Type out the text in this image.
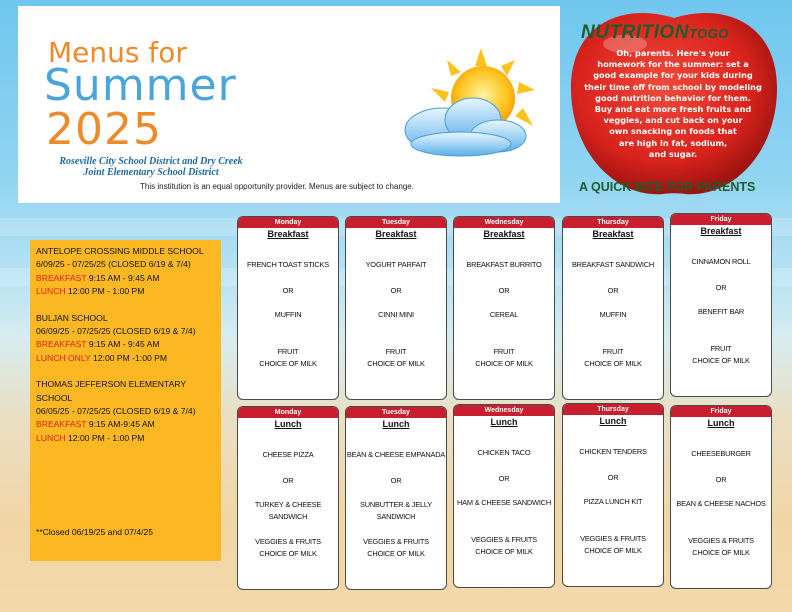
Menus for
Summer
2025
Roseville City School District and Dry Creek
Joint Elementary School District
This institution is an equal opportunity provider. Menus are subject to change.
NUTRITIONTOGO
Oh, parents. Here's your
homework for the summer: set a
good example for your kids during
their time off from school by modeling
good nutrition behavior for them.
Buy and eat more fresh fruits and
veggies, and cut back on your
own snacking on foods that
are high in fat, sodium,
and sugar.
A QUICK BITE FOR PARENTS
ANTELOPE CROSSING MIDDLE SCHOOL
6/09/25 - 07/25/25 (CLOSED 6/19 & 7/4)
BREAKFAST 9:15 AM - 9:45 AM
LUNCH 12:00 PM - 1:00 PM
BULJAN SCHOOL
06/09/25 - 07/25/25 (CLOSED 6/19 & 7/4)
BREAKFAST 9:15 AM - 9:45 AM
LUNCH ONLY 12:00 PM -1:00 PM
THOMAS JEFFERSON ELEMENTARY SCHOOL
06/05/25 - 07/25/25 (CLOSED 6/19 & 7/4)
BREAKFAST 9:15 AM-9:45 AM
LUNCH 12:00 PM - 1:00 PM
**Closed 06/19/25 and 07/4/25
Monday
Breakfast
FRENCH TOAST STICKS
OR
MUFFIN
FRUIT
CHOICE OF MILK
Tuesday
Breakfast
YOGURT PARFAIT
OR
CINNI MINI
FRUIT
CHOICE OF MILK
Wednesday
Breakfast
BREAKFAST BURRITO
OR
CEREAL
FRUIT
CHOICE OF MILK
Thursday
Breakfast
BREAKFAST SANDWICH
OR
MUFFIN
FRUIT
CHOICE OF MILK
Friday
Breakfast
CINNAMON ROLL
OR
BENEFIT BAR
FRUIT
CHOICE OF MILK
Monday
Lunch
CHEESE PIZZA
OR
TURKEY & CHEESE
SANDWICH
VEGGIES & FRUITS
CHOICE OF MILK
Tuesday
Lunch
BEAN & CHEESE EMPANADA
OR
SUNBUTTER & JELLY
SANDWICH
VEGGIES & FRUITS
CHOICE OF MILK
Wednesday
Lunch
CHICKEN TACO
OR
HAM & CHEESE SANDWICH
VEGGIES & FRUITS
CHOICE OF MILK
Thursday
Lunch
CHICKEN TENDERS
OR
PIZZA LUNCH KIT
VEGGIES & FRUITS
CHOICE OF MILK
Friday
Lunch
CHEESEBURGER
OR
BEAN & CHEESE NACHOS
VEGGIES & FRUITS
CHOICE OF MILK
